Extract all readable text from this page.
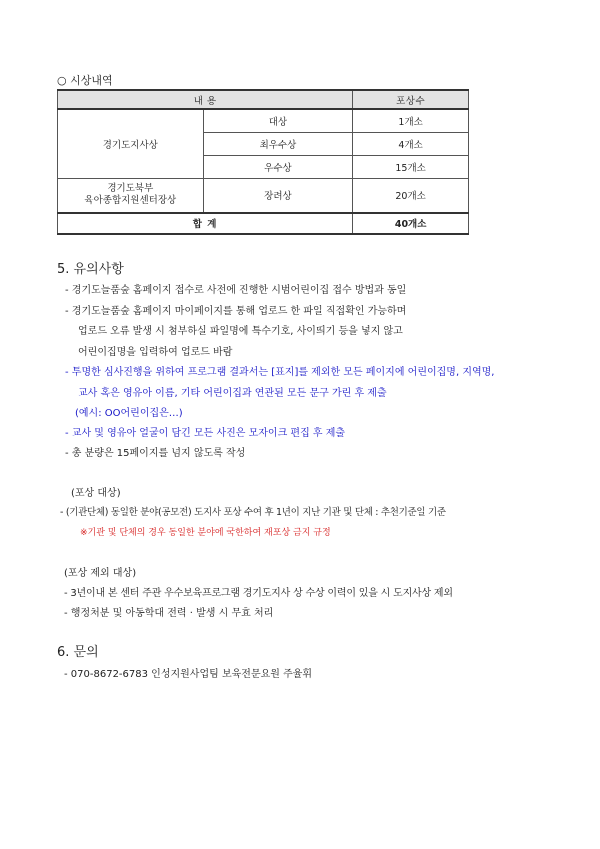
○ 시상내역
내 용		포상수
경기도지사상	대상	1개소
	최우수상	4개소
	우수상	15개소

경기도북부
육아종합지원센터장상	장려상	20개소
합 계		40개소
5. 유의사항
- 경기도늘품숲 홈페이지 접수로 사전에 진행한 시범어린이집 접수 방법과 동일
- 경기도늘품숲 홈페이지 마이페이지를 통해 업로드 한 파일 직접확인 가능하며
업로드 오류 발생 시 첨부하실 파일명에 특수기호, 사이띄기 등을 넣지 않고
어린이집명을 입력하여 업로드 바람
- 투명한 심사진행을 위하여 프로그램 결과서는 [표지]를 제외한 모든 페이지에 어린이집명, 지역명,
교사 혹은 영유아 이름, 기타 어린이집과 연관된 모든 문구 가린 후 제출
(예시: OO어린이집은…)
- 교사 및 영유아 얼굴이 담긴 모든 사진은 모자이크 편집 후 제출
- 총 분량은 15페이지를 넘지 않도록 작성
(포상 대상)
- (기관단체) 동일한 분야(공모전) 도지사 포상 수여 후 1년이 지난 기관 및 단체 : 추천기준일 기준
※기관 및 단체의 경우 동일한 분야에 국한하여 재포상 금지 규정
(포상 제외 대상)
- 3년이내 본 센터 주관 우수보육프로그램 경기도지사 상 수상 이력이 있을 시 도지사상 제외
- 행정처분 및 아동학대 전력 · 발생 시 무효 처리
6. 문의
- 070-8672-6783 인성지원사업팀 보육전문요원 주율휘
